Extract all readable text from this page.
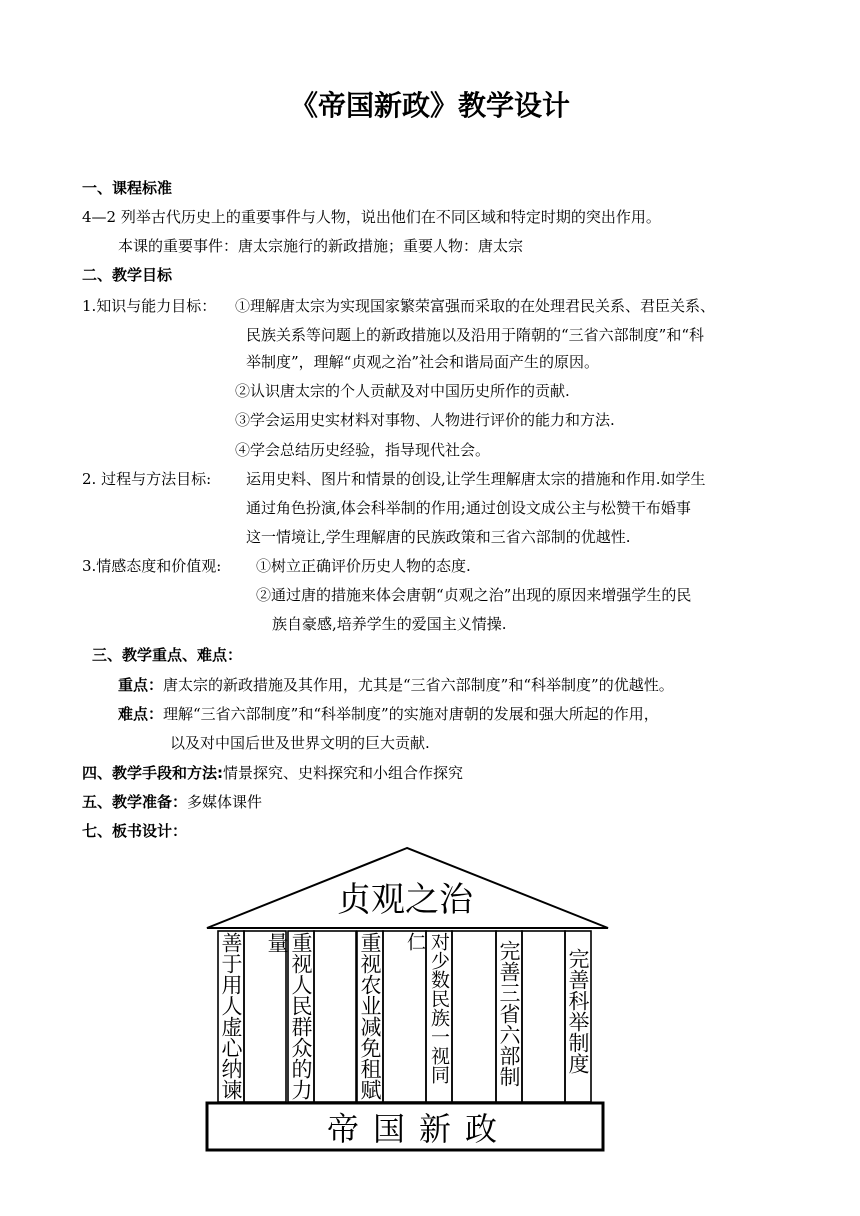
《帝国新政》教学设计
一、课程标准
4—2 列举古代历史上的重要事件与人物，说出他们在不同区域和特定时期的突出作用。
本课的重要事件：唐太宗施行的新政措施；重要人物：唐太宗
二、教学目标
1.知识与能力目标： ①理解唐太宗为实现国家繁荣富强而采取的在处理君民关系、君臣关系、
民族关系等问题上的新政措施以及沿用于隋朝的“三省六部制度”和“科
举制度”，理解“贞观之治”社会和谐局面产生的原因。
②认识唐太宗的个人贡献及对中国历史所作的贡献.
③学会运用史实材料对事物、人物进行评价的能力和方法.
④学会总结历史经验，指导现代社会。
2. 过程与方法目标: 运用史料、图片和情景的创设,让学生理解唐太宗的措施和作用.如学生
通过角色扮演,体会科举制的作用;通过创设文成公主与松赞干布婚事
这一情境让,学生理解唐的民族政策和三省六部制的优越性.
3.情感态度和价值观: ①树立正确评价历史人物的态度.
②通过唐的措施来体会唐朝“贞观之治”出现的原因来增强学生的民
族自豪感,培养学生的爱国主义情操.
三、教学重点、难点：
重点：唐太宗的新政措施及其作用，尤其是“三省六部制度”和“科举制度”的优越性。
难点：理解“三省六部制度”和“科举制度”的实施对唐朝的发展和强大所起的作用，
以及对中国后世及世界文明的巨大贡献.
四、教学手段和方法:情景探究、史料探究和小组合作探究
五、教学准备：多媒体课件
七、板书设计：
贞观之治
善于用人虚心纳谏 重视人民群众的力量	重视农业减免租赋 对少数民族一视同仁	完善三省六部制 完善科举制度
帝国新政
